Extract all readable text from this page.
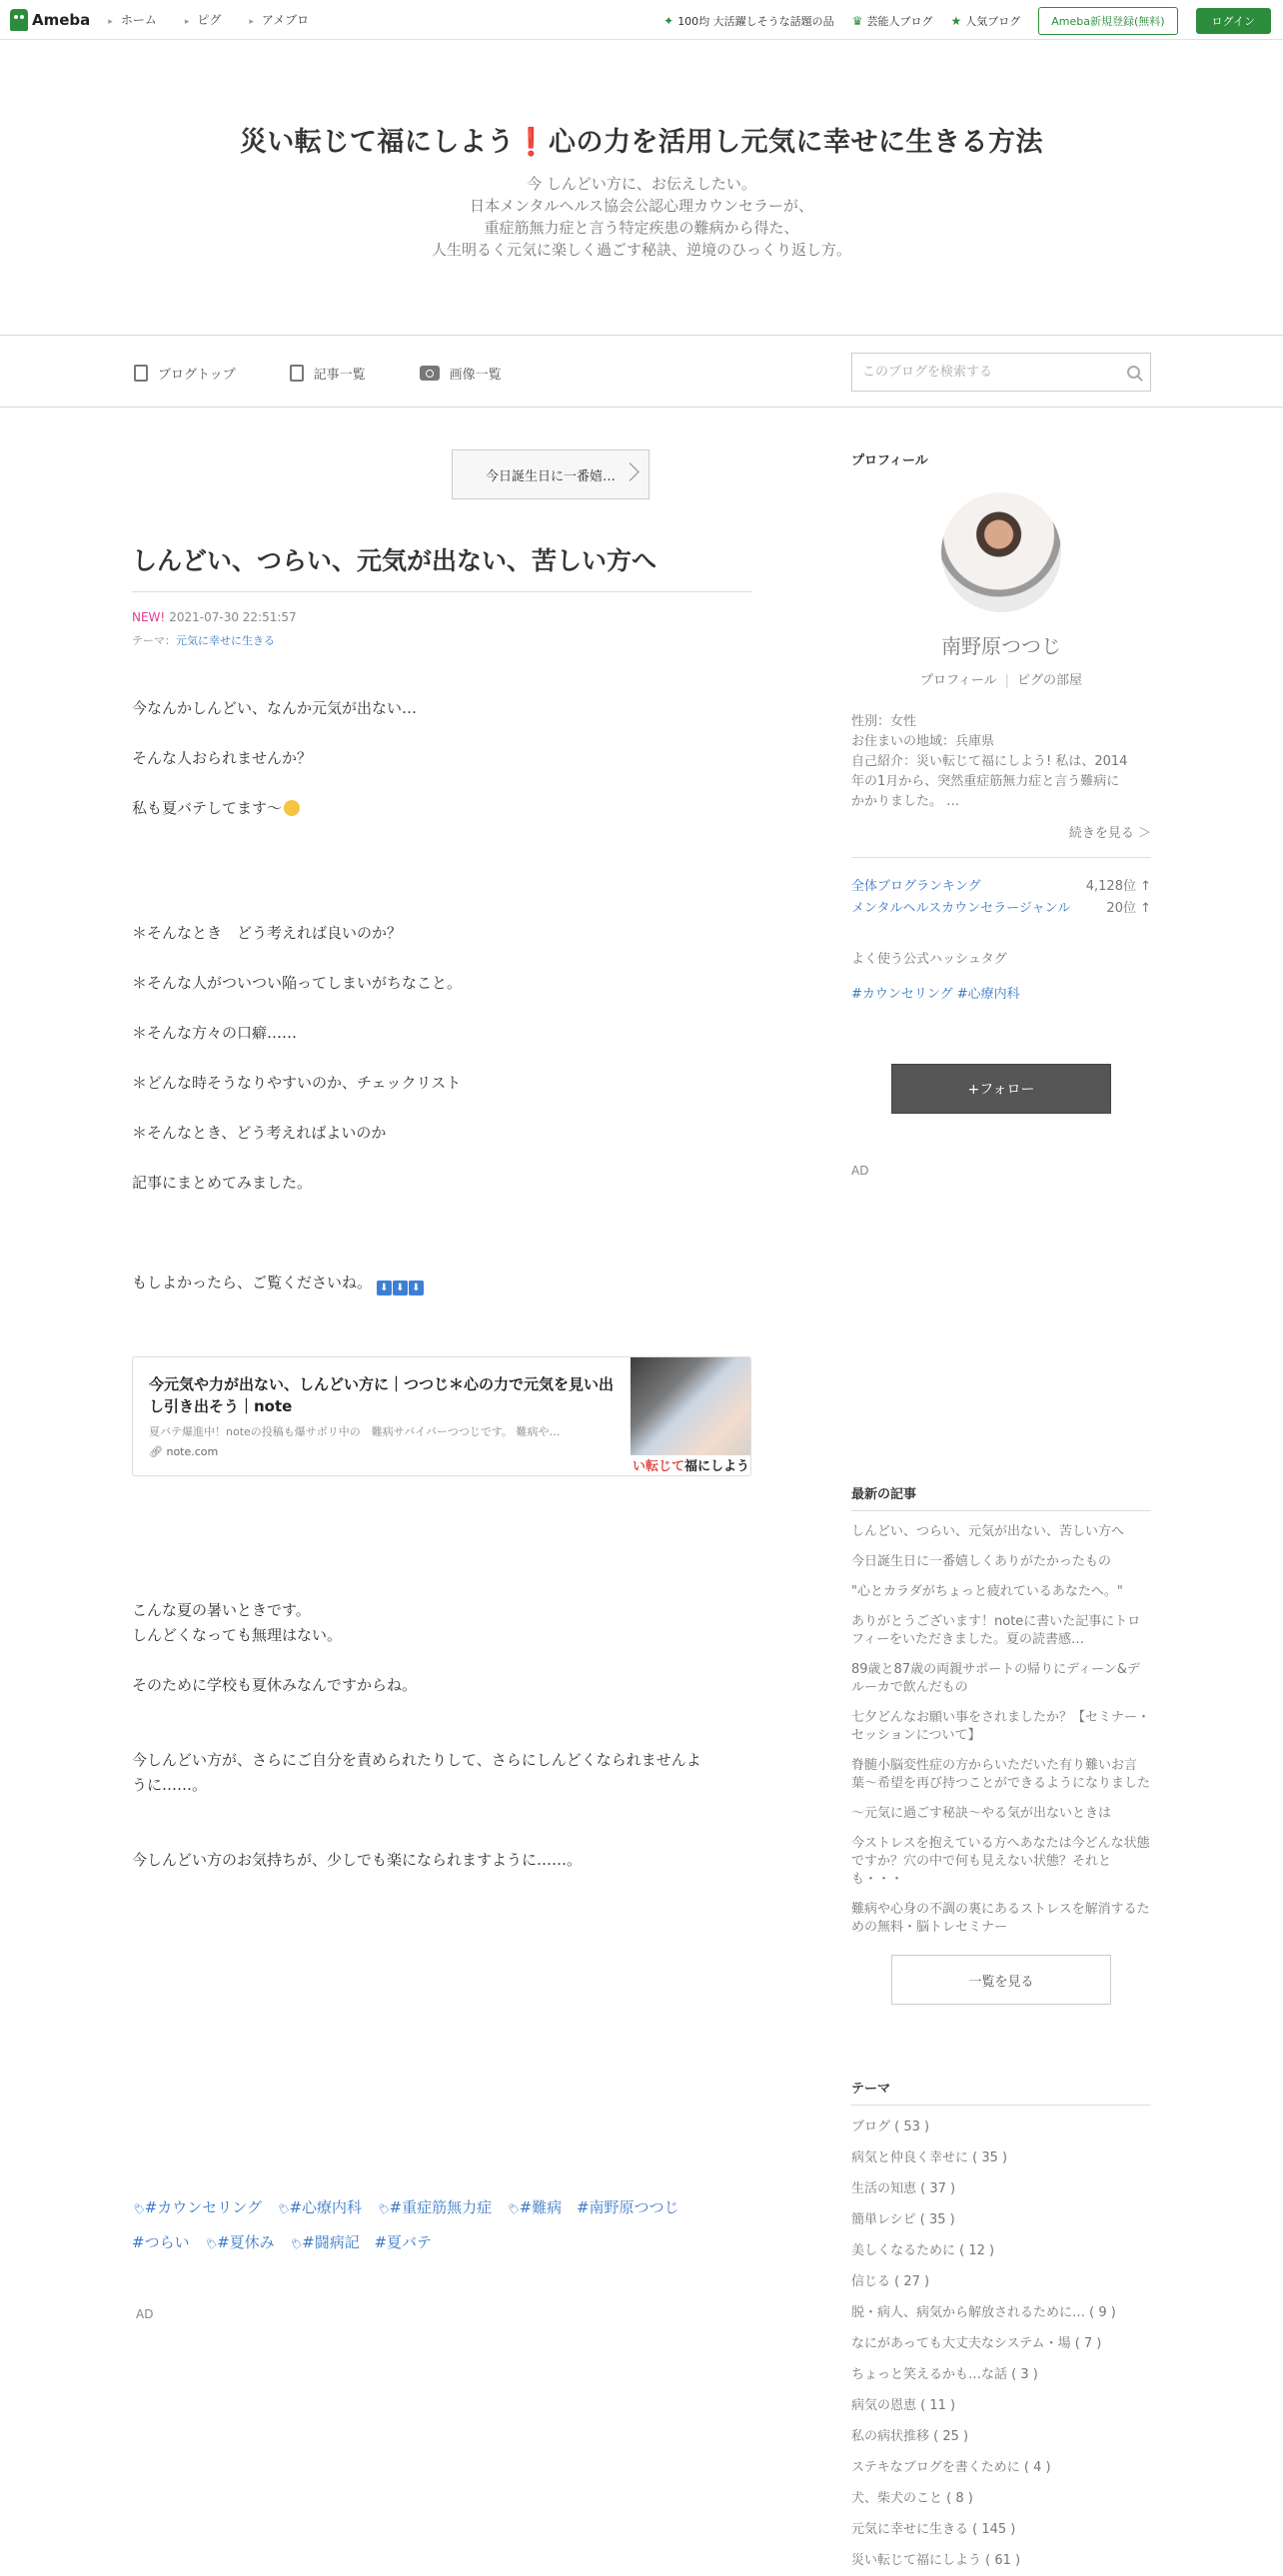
Ameba	▸ ホーム	▸ ピグ	▸ アメブロ	✦ 100均 大活躍しそうな話題の品 ♛ 芸能人ブログ ★ 人気ブログ	Ameba新規登録(無料)	ログイン
災い転じて福にしよう❗心の力を活用し元気に幸せに生きる方法
今 しんどい方に、お伝えしたい。
日本メンタルヘルス協会公認心理カウンセラーが、
重症筋無力症と言う特定疾患の難病から得た、
人生明るく元気に楽しく過ごす秘訣、逆境のひっくり返し方。
ブログトップ	記事一覧	画像一覧
このブログを検索する
今日誕生日に一番嬉…
しんどい、つらい、元気が出ない、苦しい方へ
NEW! 2021-07-30 22:51:57
テーマ：元気に幸せに生きる

今なんかしんどい、なんか元気が出ない…

そんな人おられませんか？

私も夏バテしてます〜

＊そんなとき　どう考えれば良いのか？

＊そんな人がついつい陥ってしまいがちなこと。

＊そんな方々の口癖……

＊どんな時そうなりやすいのか、チェックリスト

＊そんなとき、どう考えればよいのか

記事にまとめてみました。

もしよかったら、ご覧くださいね。 ⬇ ⬇ ⬇

今元気や力が出ない、しんどい方に｜つつじ＊心の力で元気を見い出し引き出そう｜note
夏バテ爆進中！noteの投稿も爆サボリ中の　難病サバイバーつつじです。 難病や…
🔗︎ note.com
い転じて福にしよう

こんな夏の暑いときです。
しんどくなっても無理はない。

そのために学校も夏休みなんですからね。

今しんどい方が、さらにご自分を責められたりして、さらにしんどくなられませんよ
うに……。

今しんどい方のお気持ちが、少しでも楽になられますように……。

🏷︎#カウンセリング 🏷︎#心療内科 🏷︎#重症筋無力症 🏷︎#難病 #南野原つつじ #つらい 🏷︎#夏休み 🏷︎#闘病記 #夏バテ
AD
プロフィール
南野原つつじ
プロフィール | ピグの部屋
性別：女性
お住まいの地域：兵庫県
自己紹介：災い転じて福にしよう! 私は、2014
年の1月から、突然重症筋無力症と言う難病に
かかりました。 …
続きを見る ＞
全体ブログランキング	4,128位 ↑
メンタルヘルスカウンセラージャンル	20位 ↑
よく使う公式ハッシュタグ
#カウンセリング #心療内科
+フォロー
AD
最新の記事
しんどい、つらい、元気が出ない、苦しい方へ
今日誕生日に一番嬉しくありがたかったもの
"心とカラダがちょっと疲れているあなたへ。"
ありがとうございます！noteに書いた記事にトロフィーをいただきました。夏の読書感…
89歳と87歳の両親サポートの帰りにディーン&デルーカで飲んだもの
七夕どんなお願い事をされましたか？【セミナー・セッションについて】
脊髄小脳変性症の方からいただいた有り難いお言葉〜希望を再び持つことができるようになりました
〜元気に過ごす秘訣〜やる気が出ないときは
今ストレスを抱えている方へあなたは今どんな状態ですか？穴の中で何も見えない状態？それとも・・・
難病や心身の不調の裏にあるストレスを解消するための無料・脳トレセミナー
一覧を見る
テーマ
ブログ ( 53 )
病気と仲良く幸せに ( 35 )
生活の知恵 ( 37 )
簡単レシピ ( 35 )
美しくなるために ( 12 )
信じる ( 27 )
脱・病人、病気から解放されるために… ( 9 )
なにがあっても大丈夫なシステム・場 ( 7 )
ちょっと笑えるかも…な話 ( 3 )
病気の恩恵 ( 11 )
私の病状推移 ( 25 )
ステキなブログを書くために ( 4 )
犬、柴犬のこと ( 8 )
元気に幸せに生きる ( 145 )
災い転じて福にしよう ( 61 )
